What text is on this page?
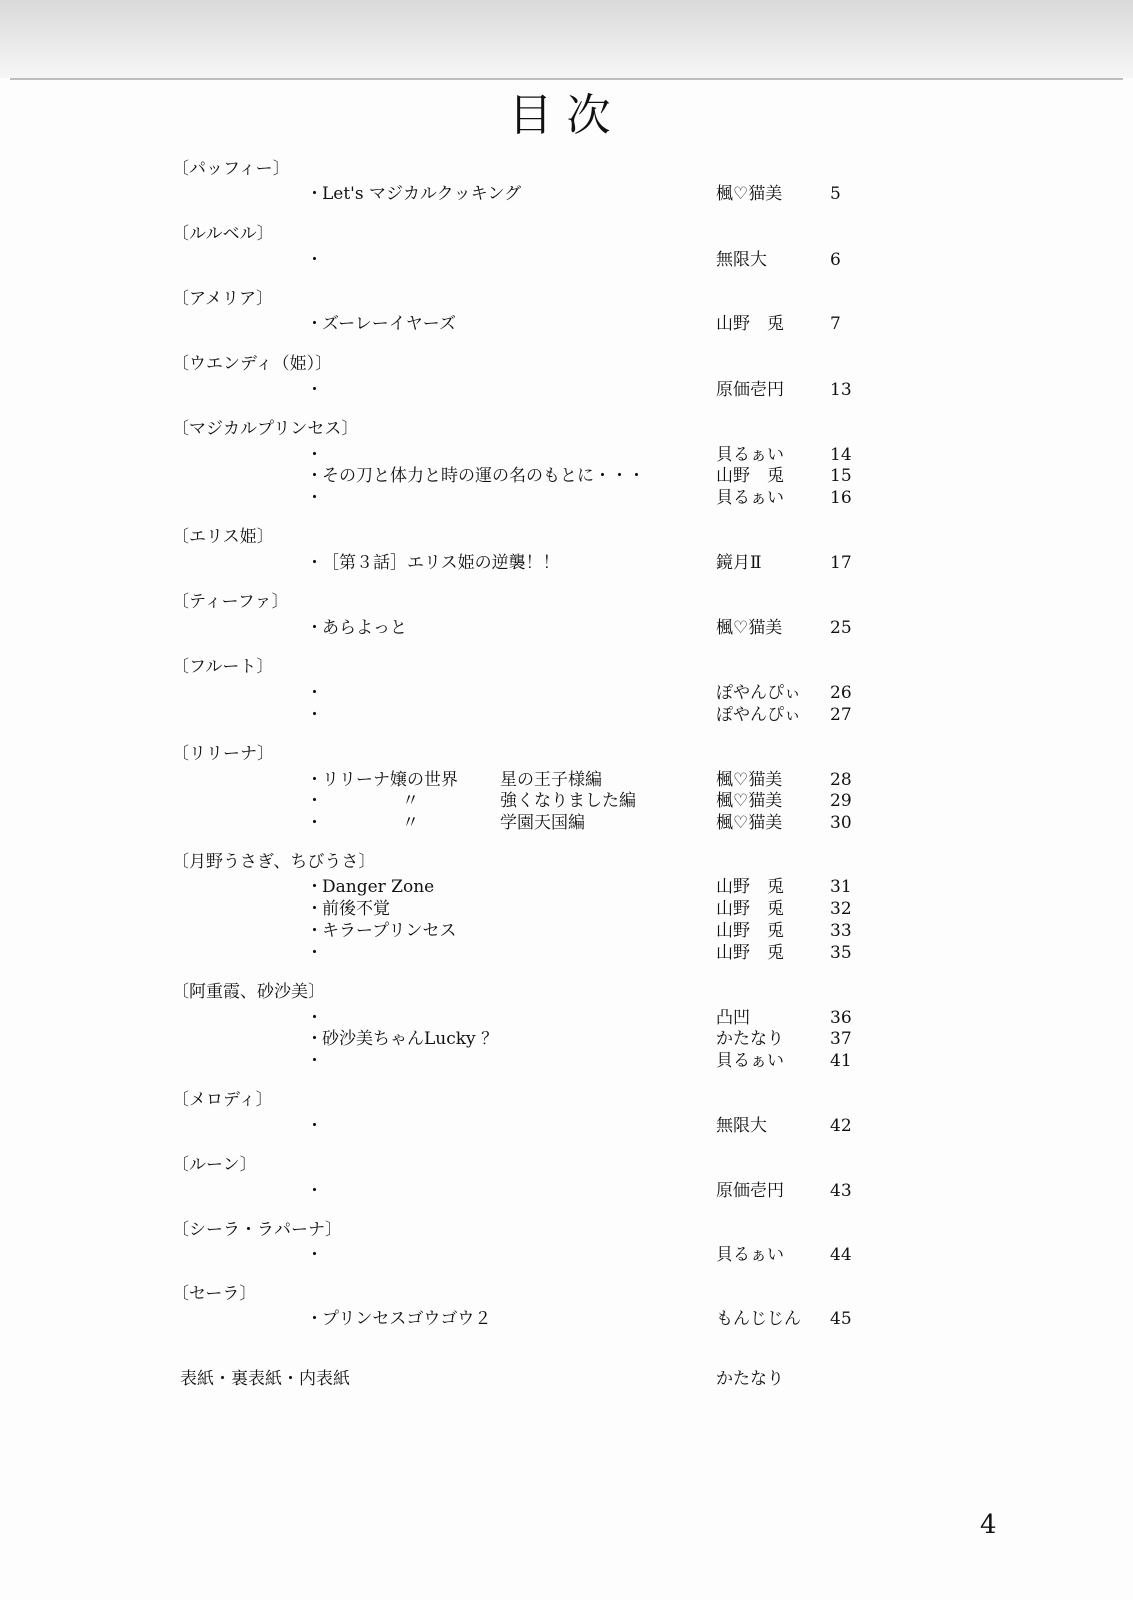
目次
〔パッフィー〕
・ Let's マジカルクッキング	楓♡猫美	5
〔ルルベル〕
・	無限大	6
〔アメリア〕
・ ズーレーイヤーズ	山野　兎	7
〔ウエンディ（姫）〕
・	原価壱円	13
〔マジカルプリンセス〕
・	貝るぁい	14
・ その刀と体力と時の運の名のもとに・・・	山野　兎	15
・	貝るぁい	16
〔エリス姫〕
・ ［第３話］エリス姫の逆襲！！	鏡月Ⅱ	17
〔ティーファ〕
・ あらよっと	楓♡猫美	25
〔フルート〕
・	ぽやんぴぃ 26
・	ぽやんぴぃ 27
〔リリーナ〕
・ リリーナ嬢の世界 星の王子様編	楓♡猫美	28
・	〃	強くなりました編	楓♡猫美	29
・	〃	学園天国編	楓♡猫美	30
〔月野うさぎ、ちびうさ〕
・ Danger Zone	山野　兎	31
・ 前後不覚	山野　兎	32
・ キラープリンセス	山野　兎	33
・	山野　兎	35
〔阿重霞、砂沙美〕
・	凸凹	36
・ 砂沙美ちゃんLucky ？	かたなり	37
・	貝るぁい	41
〔メロディ〕
・	無限大	42
〔ルーン〕
・	原価壱円	43
〔シーラ・ラパーナ〕
・	貝るぁい	44
〔セーラ〕
・ プリンセスゴウゴウ２	もんじじん 45
表紙・裏表紙・内表紙	かたなり
4
